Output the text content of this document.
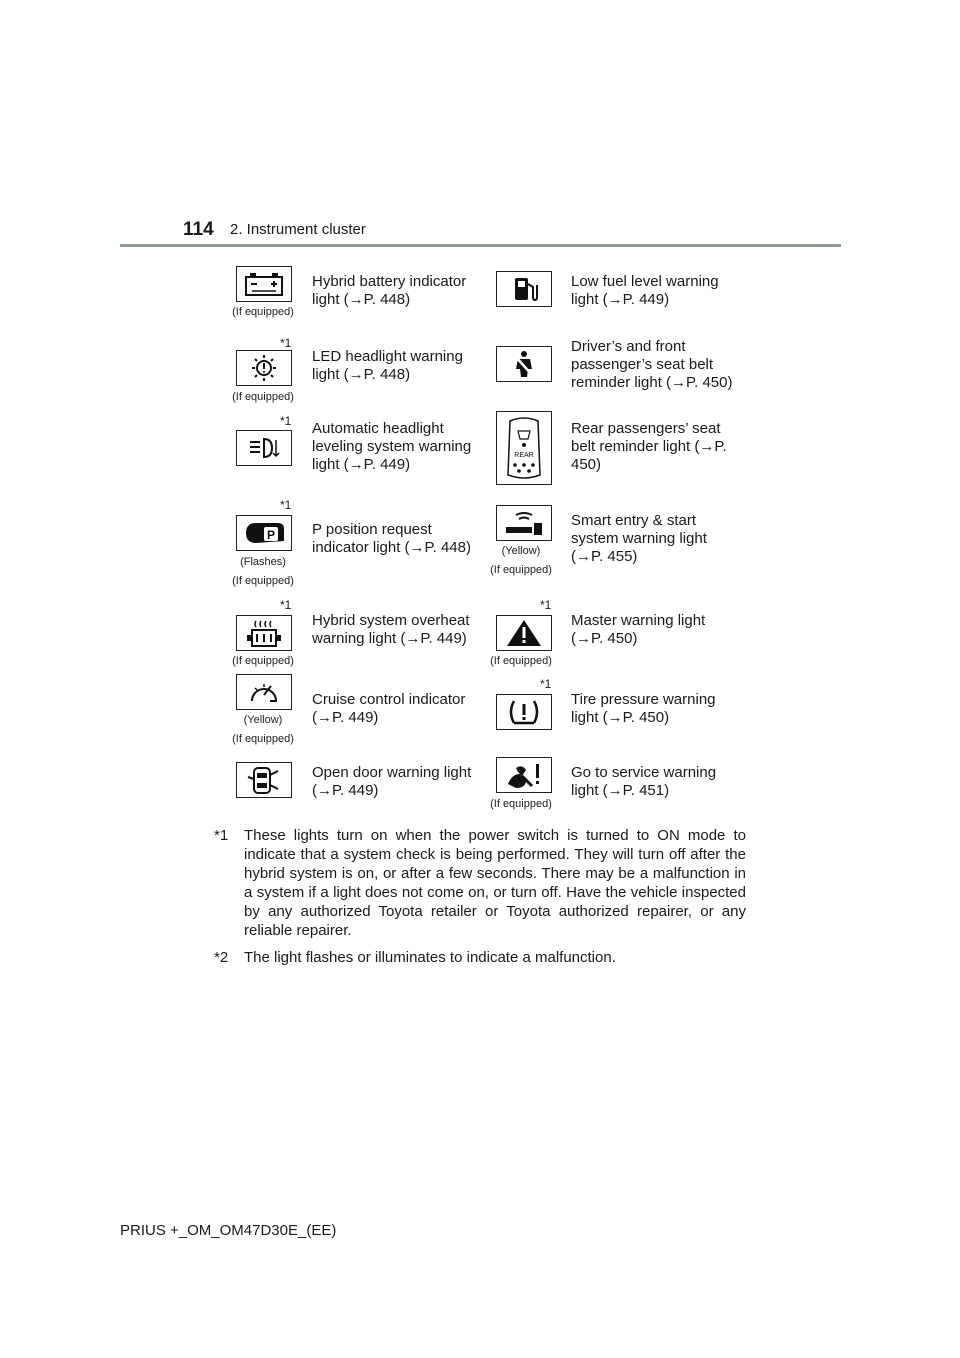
114 2. Instrument cluster
(If equipped)
Hybrid battery indicator light (→P. 448)
Low fuel level warning light (→P. 449)
*1
(If equipped)
LED headlight warning light (→P. 448)
Driver’s and front passenger’s seat belt reminder light (→P. 450)
*1 Automatic headlight leveling system warning light (→P. 449)
REAR
Rear passengers’ seat belt reminder light (→P. 450)
*1
P
(Flashes)
(If equipped)
P position request indicator light (→P. 448)	(Yellow)
(If equipped)
Smart entry & start system warning light (→P. 455)
*1
(If equipped)
Hybrid system overheat warning light (→P. 449)
*1
(If equipped)
Master warning light (→P. 450)
(Yellow)
(If equipped)
Cruise control indicator (→P. 449)
*1
Tire pressure warning light (→P. 450)
Open door warning light (→P. 449)
(If equipped)
Go to service warning light (→P. 451)
*1 These lights turn on when the power switch is turned to ON mode to indicate that a system check is being performed. They will turn off after the hybrid system is on, or after a few seconds. There may be a malfunction in a system if a light does not come on, or turn off. Have the vehicle inspected by any authorized Toyota retailer or Toyota authorized repairer, or any reliable repairer.
*2 The light flashes or illuminates to indicate a malfunction.
PRIUS +_OM_OM47D30E_(EE)
